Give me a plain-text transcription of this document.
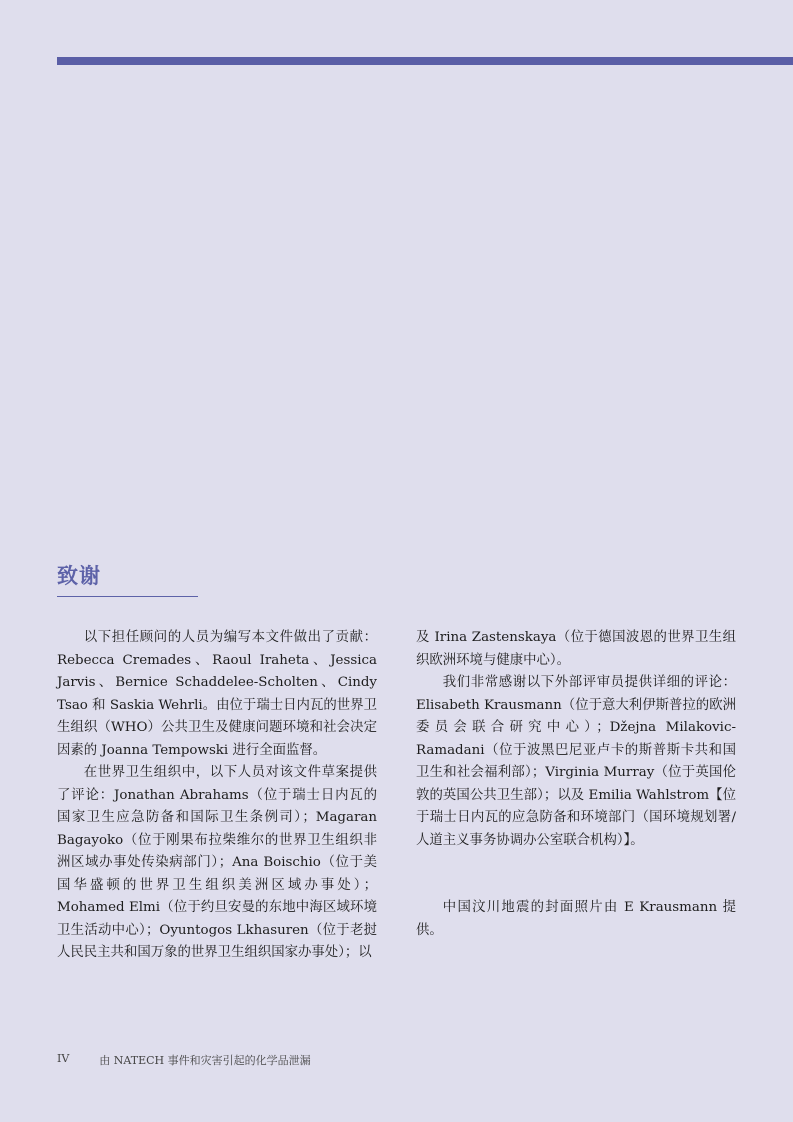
致谢

以下担任顾问的人员为编写本文件做出了贡献：Rebecca Cremades、Raoul Iraheta、Jessica Jarvis、Bernice Schaddelee-Scholten、Cindy Tsao 和 Saskia Wehrli。由位于瑞士日内瓦的世界卫生组织（WHO）公共卫生及健康问题环境和社会决定因素的 Joanna Tempowski 进行全面监督。

在世界卫生组织中，以下人员对该文件草案提供了评论：Jonathan Abrahams（位于瑞士日内瓦的国家卫生应急防备和国际卫生条例司）；Magaran Bagayoko（位于刚果布拉柴维尔的世界卫生组织非洲区域办事处传染病部门）；Ana Boischio（位于美国华盛顿的世界卫生组织美洲区域办事处）；Mohamed Elmi（位于约旦安曼的东地中海区域环境卫生活动中心）；Oyuntogos Lkhasuren（位于老挝人民民主共和国万象的世界卫生组织国家办事处）；以

及 Irina Zastenskaya（位于德国波恩的世界卫生组织欧洲环境与健康中心）。

我们非常感谢以下外部评审员提供详细的评论：Elisabeth Krausmann（位于意大利伊斯普拉的欧洲委员会联合研究中心）；Džejna Milakovic-Ramadani（位于波黑巴尼亚卢卡的斯普斯卡共和国卫生和社会福利部）；Virginia Murray（位于英国伦敦的英国公共卫生部）；以及 Emilia Wahlstrom【位于瑞士日内瓦的应急防备和环境部门（国环境规划署/人道主义事务协调办公室联合机构）】。

中国汶川地震的封面照片由 E Krausmann 提供。

IV	由 NATECH 事件和灾害引起的化学品泄漏
